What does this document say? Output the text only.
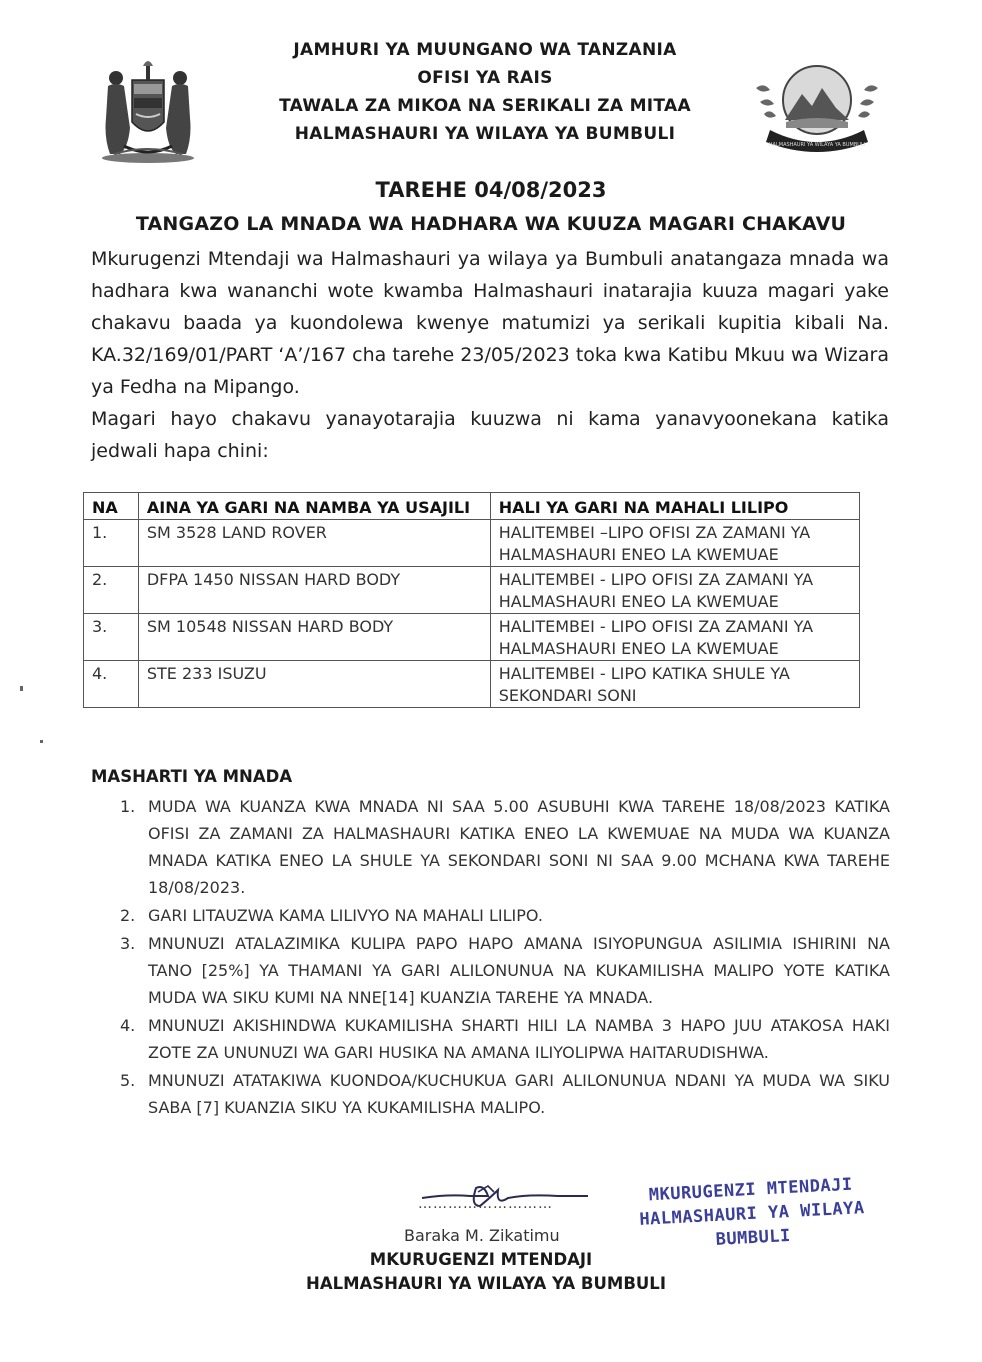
JAMHURI YA MUUNGANO WA TANZANIA
OFISI YA RAIS
TAWALA ZA MIKOA NA SERIKALI ZA MITAA
HALMASHAURI YA WILAYA YA BUMBULI
HALMASHAURI YA WILAYA YA BUMBULI
TAREHE 04/08/2023
TANGAZO LA MNADA WA HADHARA WA KUUZA MAGARI CHAKAVU
Mkurugenzi Mtendaji wa Halmashauri ya wilaya ya Bumbuli anatangaza mnada wa hadhara kwa wananchi wote kwamba Halmashauri inatarajia kuuza magari yake chakavu baada ya kuondolewa kwenye matumizi ya serikali kupitia kibali Na. KA.32/169/01/PART ‘A’/167 cha tarehe 23/05/2023 toka kwa Katibu Mkuu wa Wizara ya Fedha na Mipango.
Magari hayo chakavu yanayotarajia kuuzwa ni kama yanavyoonekana katika jedwali hapa chini:
NA	AINA YA GARI NA NAMBA YA USAJILI	HALI YA GARI NA MAHALI LILIPO
1.	SM 3528 LAND ROVER	HALITEMBEI –LIPO OFISI ZA ZAMANI YA HALMASHAURI ENEO LA KWEMUAE
2.	DFPA 1450 NISSAN HARD BODY	HALITEMBEI - LIPO OFISI ZA ZAMANI YA HALMASHAURI ENEO LA KWEMUAE
3.	SM 10548 NISSAN HARD BODY	HALITEMBEI - LIPO OFISI ZA ZAMANI YA HALMASHAURI ENEO LA KWEMUAE
4.	STE 233 ISUZU	HALITEMBEI - LIPO KATIKA SHULE YA SEKONDARI SONI
MASHARTI YA MNADA
1. MUDA WA KUANZA KWA MNADA NI SAA 5.00 ASUBUHI KWA TAREHE 18/08/2023 KATIKA OFISI ZA ZAMANI ZA HALMASHAURI KATIKA ENEO LA KWEMUAE NA MUDA WA KUANZA MNADA KATIKA ENEO LA SHULE YA SEKONDARI SONI NI SAA 9.00 MCHANA KWA TAREHE 18/08/2023.
2. GARI LITAUZWA KAMA LILIVYO NA MAHALI LILIPO.
3. MNUNUZI ATALAZIMIKA KULIPA PAPO HAPO AMANA ISIYOPUNGUA ASILIMIA ISHIRINI NA TANO [25%] YA THAMANI YA GARI ALILONUNUA NA KUKAMILISHA MALIPO YOTE KATIKA MUDA WA SIKU KUMI NA NNE[14] KUANZIA TAREHE YA MNADA.
4. MNUNUZI AKISHINDWA KUKAMILISHA SHARTI HILI LA NAMBA 3 HAPO JUU ATAKOSA HAKI ZOTE ZA UNUNUZI WA GARI HUSIKA NA AMANA ILIYOLIPWA HAITARUDISHWA.
5. MNUNUZI ATATAKIWA KUONDOA/KUCHUKUA GARI ALILONUNUA NDANI YA MUDA WA SIKU SABA [7] KUANZIA SIKU YA KUKAMILISHA MALIPO.
………………………
Baraka M. Zikatimu
MKURUGENZI MTENDAJI
HALMASHAURI YA WILAYA YA BUMBULI
MKURUGENZI MTENDAJI
HALMASHAURI YA WILAYA
BUMBULI
